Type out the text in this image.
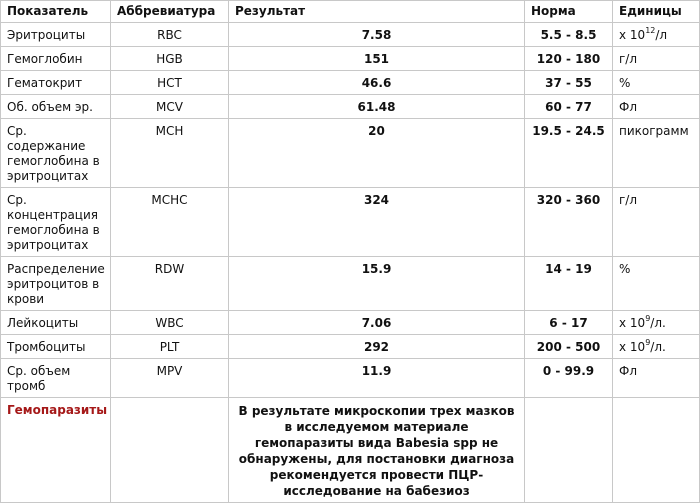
Показатель	Аббревиатура	Результат	Норма	Единицы
Эритроциты	RBC	7.58	5.5 - 8.5	x $10^{12}/л$
Гемоглобин	HGB	151	120 - 180	г/л
Гематокрит	HCT	46.6	37 - 55	%
Об. объем эр.	MCV	61.48	60 - 77	Фл
Ср. содержание гемоглобина в эритроцитах	MCH	20	19.5 - 24.5	пикограмм
Ср. концентрация гемоглобина в эритроцитах	MCHC	324	320 - 360	г/л
Распределение эритроцитов в крови	RDW	15.9	14 - 19	%
Лейкоциты	WBC	7.06	6 - 17	x $10^9/л$.
Тромбоциты	PLT	292	200 - 500	x $10^9/л$.
Ср. объем тромб	MPV	11.9	0 - 99.9	Фл
Гемопаразиты		В результате микроскопии трех мазков в исследуемом материале гемопаразиты вида Babesia spp не обнаружены, для постановки диагноза рекомендуется провести ПЦР-исследование на бабезиоз		
